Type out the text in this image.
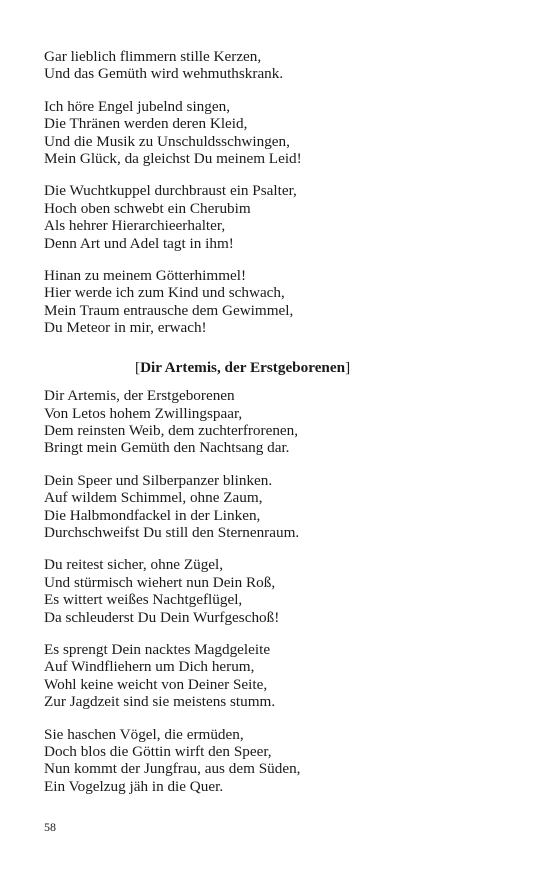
Gar lieblich flimmern stille Kerzen,
Und das Gemüth wird wehmuthskrank.
Ich höre Engel jubelnd singen,
Die Thränen werden deren Kleid,
Und die Musik zu Unschuldsschwingen,
Mein Glück, da gleichst Du meinem Leid!
Die Wuchtkuppel durchbraust ein Psalter,
Hoch oben schwebt ein Cherubim
Als hehrer Hierarchieerhalter,
Denn Art und Adel tagt in ihm!
Hinan zu meinem Götterhimmel!
Hier werde ich zum Kind und schwach,
Mein Traum entrausche dem Gewimmel,
Du Meteor in mir, erwach!
[Dir Artemis, der Erstgeborenen]
Dir Artemis, der Erstgeborenen
Von Letos hohem Zwillingspaar,
Dem reinsten Weib, dem zuchterfrorenen,
Bringt mein Gemüth den Nachtsang dar.
Dein Speer und Silberpanzer blinken.
Auf wildem Schimmel, ohne Zaum,
Die Halbmondfackel in der Linken,
Durchschweifst Du still den Sternenraum.
Du reitest sicher, ohne Zügel,
Und stürmisch wiehert nun Dein Roß,
Es wittert weißes Nachtgeflügel,
Da schleuderst Du Dein Wurfgeschoß!
Es sprengt Dein nacktes Magdgeleite
Auf Windfliehern um Dich herum,
Wohl keine weicht von Deiner Seite,
Zur Jagdzeit sind sie meistens stumm.
Sie haschen Vögel, die ermüden,
Doch blos die Göttin wirft den Speer,
Nun kommt der Jungfrau, aus dem Süden,
Ein Vogelzug jäh in die Quer.
58
